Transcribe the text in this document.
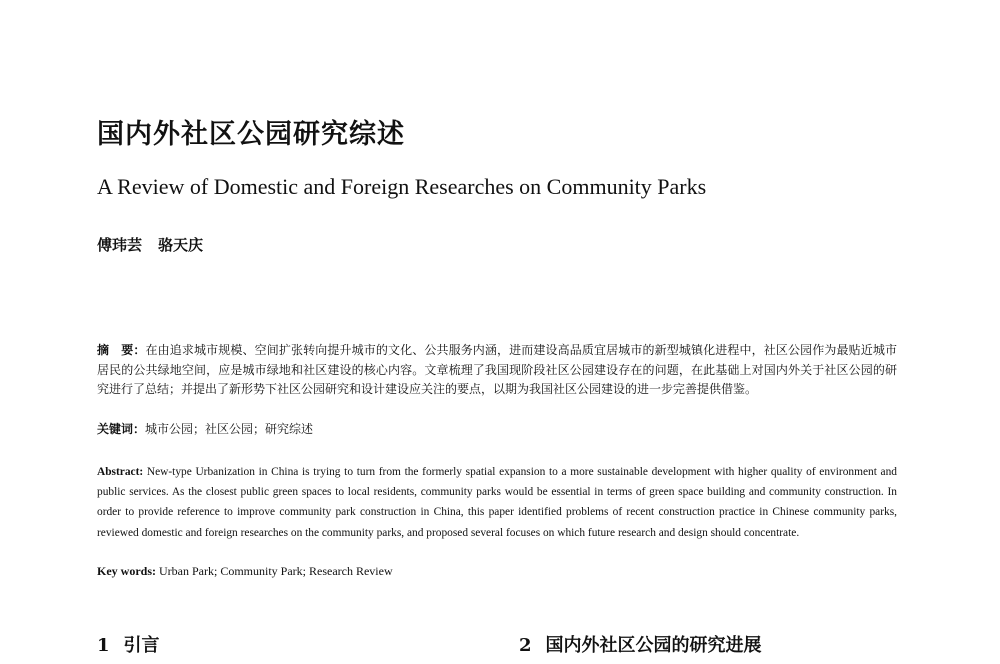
国内外社区公园研究综述
A Review of Domestic and Foreign Researches on Community Parks
傅玮芸 骆天庆
摘　要：在由追求城市规模、空间扩张转向提升城市的文化、公共服务内涵，进而建设高品质宜居城市的新型城镇化进程中，社区公园作为最贴近城市居民的公共绿地空间，应是城市绿地和社区建设的核心内容。文章梳理了我国现阶段社区公园建设存在的问题，在此基础上对国内外关于社区公园的研究进行了总结；并提出了新形势下社区公园研究和设计建设应关注的要点，以期为我国社区公园建设的进一步完善提供借鉴。
关键词：城市公园；社区公园；研究综述
Abstract: New-type Urbanization in China is trying to turn from the formerly spatial expansion to a more sustainable development with higher quality of environment and public services. As the closest public green spaces to local residents, community parks would be essential in terms of green space building and community construction. In order to provide reference to improve community park construction in China, this paper identified problems of recent construction practice in Chinese community parks, reviewed domestic and foreign researches on the community parks, and proposed several focuses on which future research and design should concentrate.
Key words: Urban Park; Community Park; Research Review
1 引言	2 国内外社区公园的研究进展
